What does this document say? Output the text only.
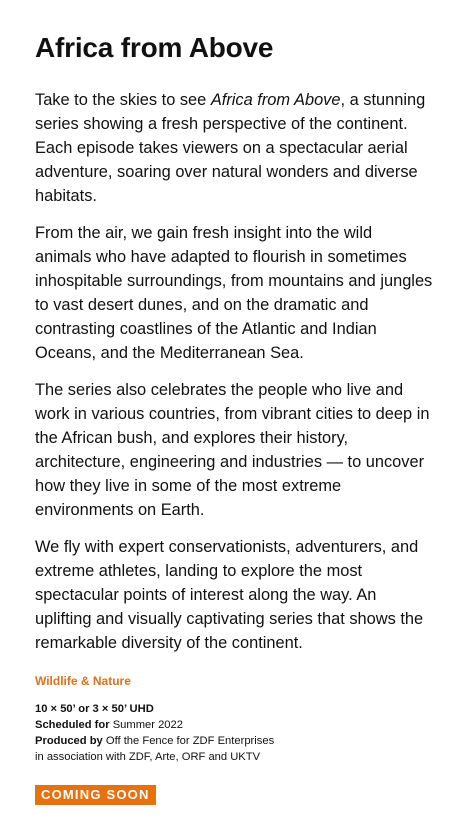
Africa from Above

Take to the skies to see Africa from Above, a stunning series showing a fresh perspective of the continent. Each episode takes viewers on a spectacular aerial adventure, soaring over natural wonders and diverse habitats.

From the air, we gain fresh insight into the wild animals who have adapted to flourish in sometimes inhospitable surroundings, from mountains and jungles to vast desert dunes, and on the dramatic and contrasting coastlines of the Atlantic and Indian Oceans, and the Mediterranean Sea.

The series also celebrates the people who live and work in various countries, from vibrant cities to deep in the African bush, and explores their history, architecture, engineering and industries — to uncover how they live in some of the most extreme environments on Earth.

We fly with expert conservationists, adventurers, and extreme athletes, landing to explore the most spectacular points of interest along the way. An uplifting and visually captivating series that shows the remarkable diversity of the continent.

Wildlife & Nature
10 × 50’ or 3 × 50’ UHD
Scheduled for Summer 2022
Produced by Off the Fence for ZDF Enterprises
in association with ZDF, Arte, ORF and UKTV
COMING SOON
